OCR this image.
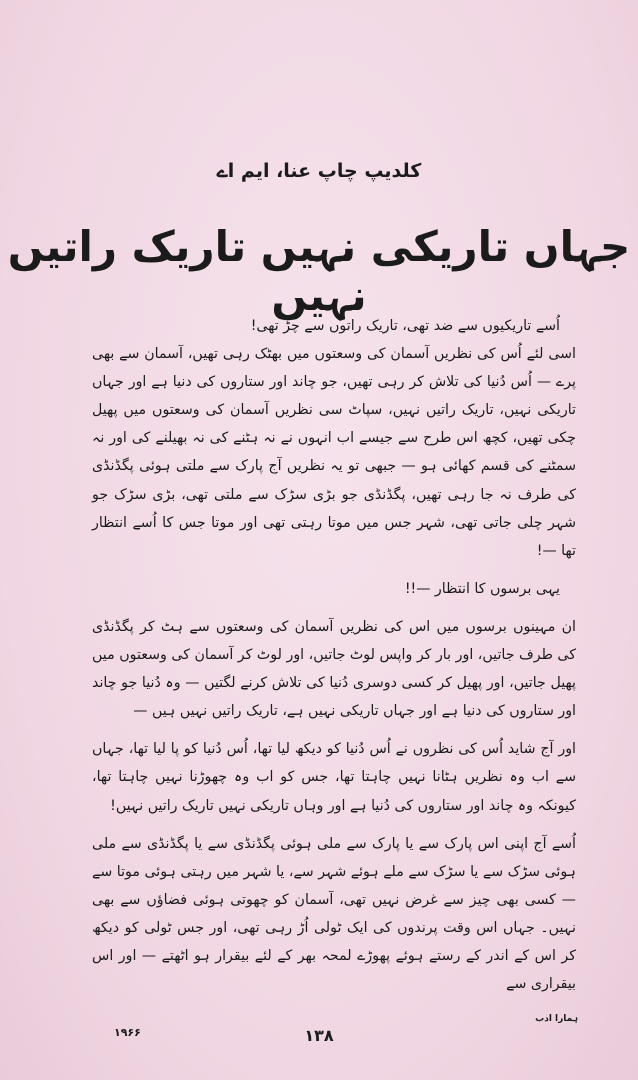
کلدیپ چاپ عنا، ایم اے
جہاں تاریکی نہیں تاریک راتیں نہیں

اُسے تاریکیوں سے ضد تھی، تاریک راتوں سے چڑ تھی!

اسی لئے اُس کی نظریں آسمان کی وسعتوں میں بھٹک رہی تھیں، آسمان سے بھی پرے — اُس دُنیا کی تلاش کر رہی تھیں، جو چاند اور ستاروں کی دنیا ہے اور جہاں تاریکی نہیں، تاریک راتیں نہیں، سپاٹ سی نظریں آسمان کی وسعتوں میں پھیل چکی تھیں، کچھ اس طرح سے جیسے اب انہوں نے نہ ہٹنے کی نہ بھیلنے کی اور نہ سمٹنے کی قسم کھائی ہو — جبھی تو یہ نظریں آج پارک سے ملتی ہوئی پگڈنڈی کی طرف نہ جا رہی تھیں، پگڈنڈی جو بڑی سڑک سے ملتی تھی، بڑی سڑک جو شہر چلی جاتی تھی، شہر جس میں موتا رہتی تھی اور موتا جس کا اُسے انتظار تھا —!

یہی برسوں کا انتظار —!!

ان مہینوں برسوں میں اس کی نظریں آسمان کی وسعتوں سے ہٹ کر پگڈنڈی کی طرف جاتیں، اور بار کر واپس لوٹ جاتیں، اور لوٹ کر آسمان کی وسعتوں میں پھیل جاتیں، اور پھیل کر کسی دوسری دُنیا کی تلاش کرنے لگتیں — وہ دُنیا جو چاند اور ستاروں کی دنیا ہے اور جہاں تاریکی نہیں ہے، تاریک راتیں نہیں ہیں —

اور آج شاید اُس کی نظروں نے اُس دُنیا کو دیکھ لیا تھا، اُس دُنیا کو پا لیا تھا، جہاں سے اب وہ نظریں ہٹانا نہیں چاہتا تھا، جس کو اب وہ چھوڑنا نہیں چاہتا تھا، کیونکہ وہ چاند اور ستاروں کی دُنیا ہے اور وہاں تاریکی نہیں تاریک راتیں نہیں!

اُسے آج اپنی اس پارک سے یا پارک سے ملی ہوئی پگڈنڈی سے یا پگڈنڈی سے ملی ہوئی سڑک سے یا سڑک سے ملے ہوئے شہر سے، یا شہر میں رہتی ہوئی موتا سے — کسی بھی چیز سے غرض نہیں تھی، آسمان کو چھوتی ہوئی فضاؤں سے بھی نہیں۔ جہاں اس وقت پرندوں کی ایک ٹولی اُڑ رہی تھی، اور جس ٹولی کو دیکھ کر اس کے اندر کے رستے ہوئے پھوڑے لمحہ بھر کے لئے بیقرار ہو اٹھتے — اور اس بیقراری سے

۱۹۶۶	۱۳۸
ہمارا ادب
